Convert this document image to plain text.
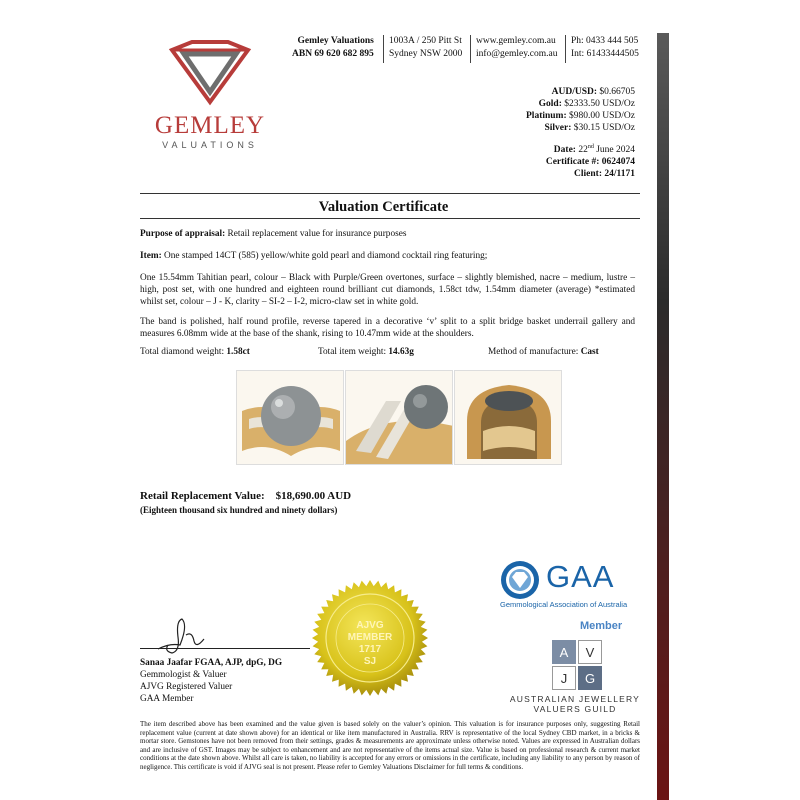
GEMLEY
VALUATIONS
Gemley Valuations
ABN 69 620 682 895
1003A / 250 Pitt St
Sydney NSW 2000
www.gemley.com.au
info@gemley.com.au
Ph: 0433 444 505
Int: 61433444505
AUD/USD: $0.66705
Gold: $2333.50 USD/Oz
Platinum: $980.00 USD/Oz
Silver: $30.15 USD/Oz
Date: 22nd June 2024
Certificate #: 0624074
Client: 24/1171
Valuation Certificate
Purpose of appraisal: Retail replacement value for insurance purposes
Item: One stamped 14CT (585) yellow/white gold pearl and diamond cocktail ring featuring;
One 15.54mm Tahitian pearl, colour – Black with Purple/Green overtones, surface – slightly blemished, nacre – medium, lustre – high, post set, with one hundred and eighteen round brilliant cut diamonds, 1.58ct tdw, 1.54mm diameter (average) *estimated whilst set, colour – J - K, clarity – SI-2 – I-2, micro-claw set in white gold.
The band is polished, half round profile, reverse tapered in a decorative ‘v’ split to a split bridge basket underrail gallery and measures 6.08mm wide at the base of the shank, rising to 10.47mm wide at the shoulders.
Total diamond weight: 1.58ct	Total item weight: 14.63g	Method of manufacture: Cast
Retail Replacement Value: $18,690.00 AUD
(Eighteen thousand six hundred and ninety dollars)
Sanaa Jaafar FGAA, AJP, dpG, DG
Gemmologist & Valuer
AJVG Registered Valuer
GAA Member
AJVG
MEMBER
1717
SJ
GAA
Gemmological Association of Australia
Member
A	V
J	G
AUSTRALIAN JEWELLERY
VALUERS GUILD
The item described above has been examined and the value given is based solely on the valuer’s opinion. This valuation is for insurance purposes only, suggesting Retail replacement value (current at date shown above) for an identical or like item manufactured in Australia. RRV is representative of the local Sydney CBD market, in a bricks & mortar store. Gemstones have not been removed from their settings, grades & measurements are approximate unless otherwise noted. Values are expressed in Australian dollars and are inclusive of GST. Images may be subject to enhancement and are not representative of the items actual size. Value is based on professional research & current market conditions at the date shown above. Whilst all care is taken, no liability is accepted for any errors or omissions in the certificate, including any liability to any person by reason of negligence. This certificate is void if AJVG seal is not present. Please refer to Gemley Valuations Disclaimer for full terms & conditions.
